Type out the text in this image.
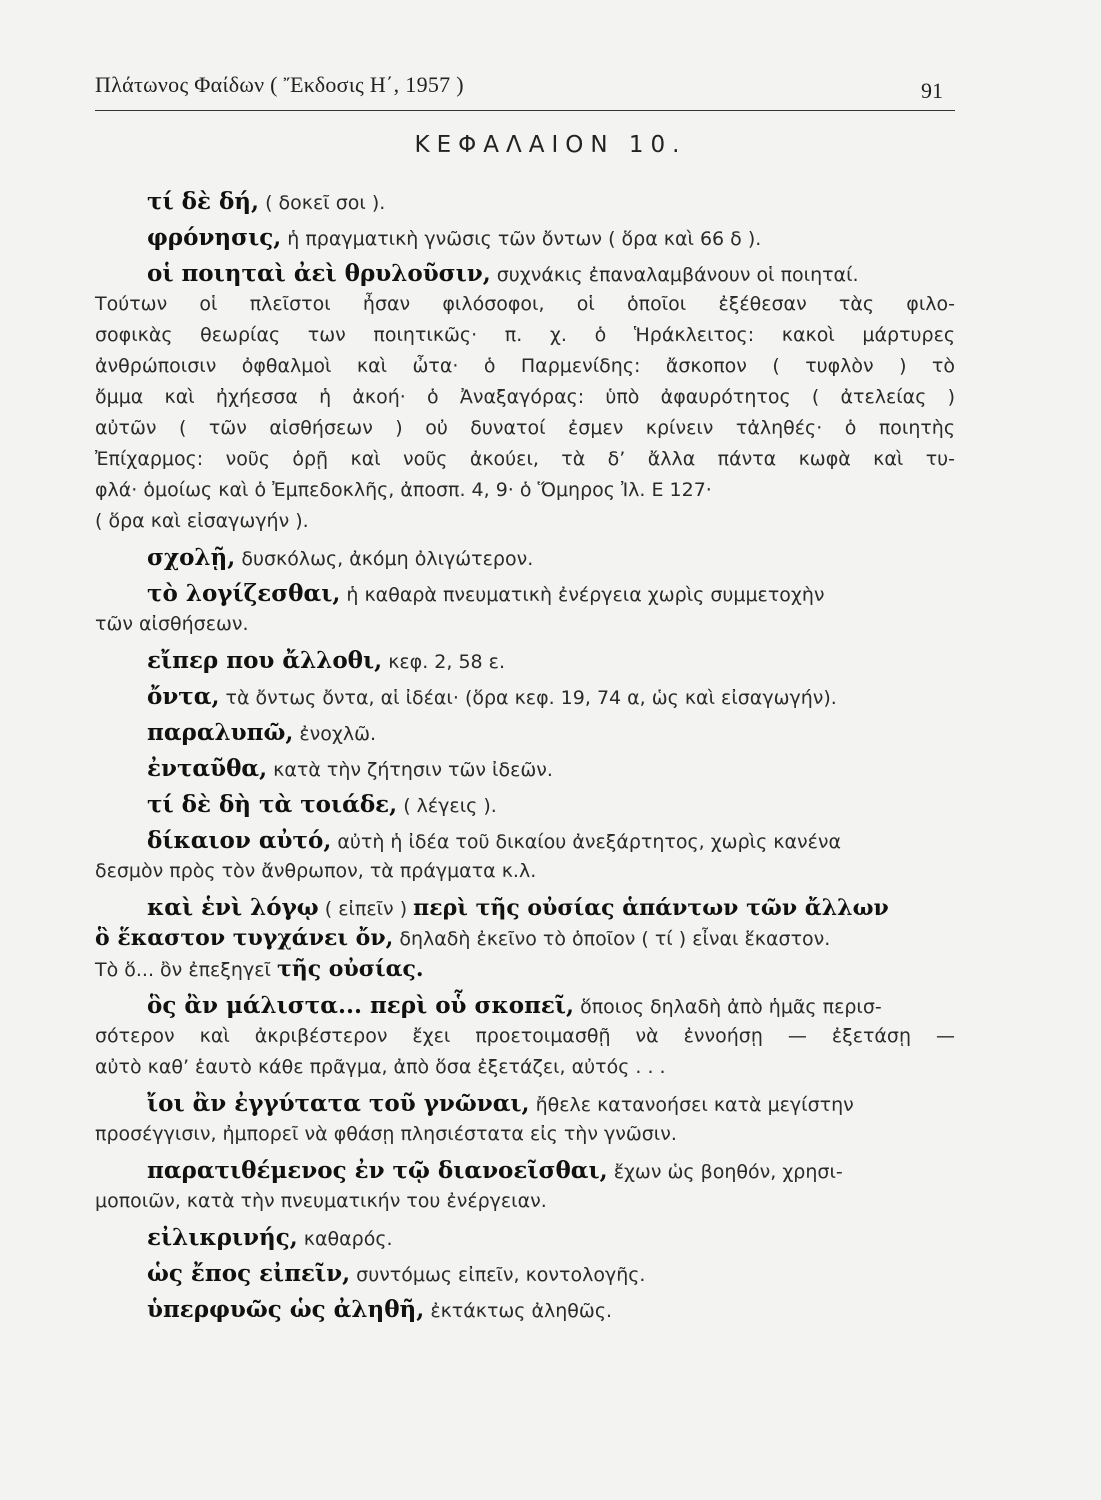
Πλάτωνος Φαίδων ( Ἔκδοσις Η΄, 1957 )	91
ΚΕΦΑΛΑΙΟΝ 10.
τί δὲ δή, ( δοκεῖ σοι ).
φρόνησις, ἡ πραγματικὴ γνῶσις τῶν ὄντων ( ὅρα καὶ 66 δ ).
οἱ ποιηταὶ ἀεὶ θρυλοῦσιν, συχνάκις ἐπαναλαμβάνουν οἱ ποιηταί.
Τούτων οἱ πλεῖστοι ἦσαν φιλόσοφοι, οἱ ὁποῖοι ἐξέθεσαν τὰς φιλο-
σοφικὰς θεωρίας των ποιητικῶς· π. χ. ὁ Ἡράκλειτος: κακοὶ μάρτυρες
ἀνθρώποισιν ὀφθαλμοὶ καὶ ὦτα· ὁ Παρμενίδης: ἄσκοπον ( τυφλὸν ) τὸ
ὄμμα καὶ ἠχήεσσα ἡ ἀκοή· ὁ Ἀναξαγόρας: ὑπὸ ἀφαυρότητος ( ἀτελείας )
αὐτῶν ( τῶν αἰσθήσεων ) οὐ δυνατοί ἐσμεν κρίνειν τἀληθές· ὁ ποιητὴς
Ἐπίχαρμος: νοῦς ὁρῇ καὶ νοῦς ἀκούει, τὰ δ’ ἄλλα πάντα κωφὰ καὶ τυ-
φλά· ὁμοίως καὶ ὁ Ἐμπεδοκλῆς, ἀποσπ. 4, 9· ὁ Ὅμηρος Ἰλ. Ε 127·
( ὅρα καὶ εἰσαγωγήν ).
σχολῇ, δυσκόλως, ἀκόμη ὀλιγώτερον.
τὸ λογίζεσθαι, ἡ καθαρὰ πνευματικὴ ἐνέργεια χωρὶς συμμετοχὴν
τῶν αἰσθήσεων.
εἴπερ που ἄλλοθι, κεφ. 2, 58 ε.
ὄντα, τὰ ὄντως ὄντα, αἱ ἰδέαι· (ὅρα κεφ. 19, 74 α, ὡς καὶ εἰσαγωγήν).
παραλυπῶ, ἐνοχλῶ.
ἐνταῦθα, κατὰ τὴν ζήτησιν τῶν ἰδεῶν.
τί δὲ δὴ τὰ τοιάδε, ( λέγεις ).
δίκαιον αὐτό, αὐτὴ ἡ ἰδέα τοῦ δικαίου ἀνεξάρτητος, χωρὶς κανένα
δεσμὸν πρὸς τὸν ἄνθρωπον, τὰ πράγματα κ.λ.
καὶ ἑνὶ λόγῳ ( εἰπεῖν ) περὶ τῆς οὐσίας ἁπάντων τῶν ἄλλων
ὃ ἕκαστον τυγχάνει ὄν, δηλαδὴ ἐκεῖνο τὸ ὁποῖον ( τί ) εἶναι ἕκαστον.
Τὸ ὅ... ὂν ἐπεξηγεῖ τῆς οὐσίας.
ὃς ἂν μάλιστα... περὶ οὗ σκοπεῖ, ὅποιος δηλαδὴ ἀπὸ ἡμᾶς περισ-
σότερον καὶ ἀκριβέστερον ἔχει προετοιμασθῇ νὰ ἐννοήσῃ — ἐξετάσῃ —
αὐτὸ καθ’ ἑαυτὸ κάθε πρᾶγμα, ἀπὸ ὅσα ἐξετάζει, αὐτός . . .
ἴοι ἂν ἐγγύτατα τοῦ γνῶναι, ἤθελε κατανοήσει κατὰ μεγίστην
προσέγγισιν, ἠμπορεῖ νὰ φθάσῃ πλησιέστατα εἰς τὴν γνῶσιν.
παρατιθέμενος ἐν τῷ διανοεῖσθαι, ἔχων ὡς βοηθόν, χρησι-
μοποιῶν, κατὰ τὴν πνευματικήν του ἐνέργειαν.
εἰλικρινής, καθαρός.
ὡς ἔπος εἰπεῖν, συντόμως εἰπεῖν, κοντολογῆς.
ὑπερφυῶς ὡς ἀληθῆ, ἐκτάκτως ἀληθῶς.
